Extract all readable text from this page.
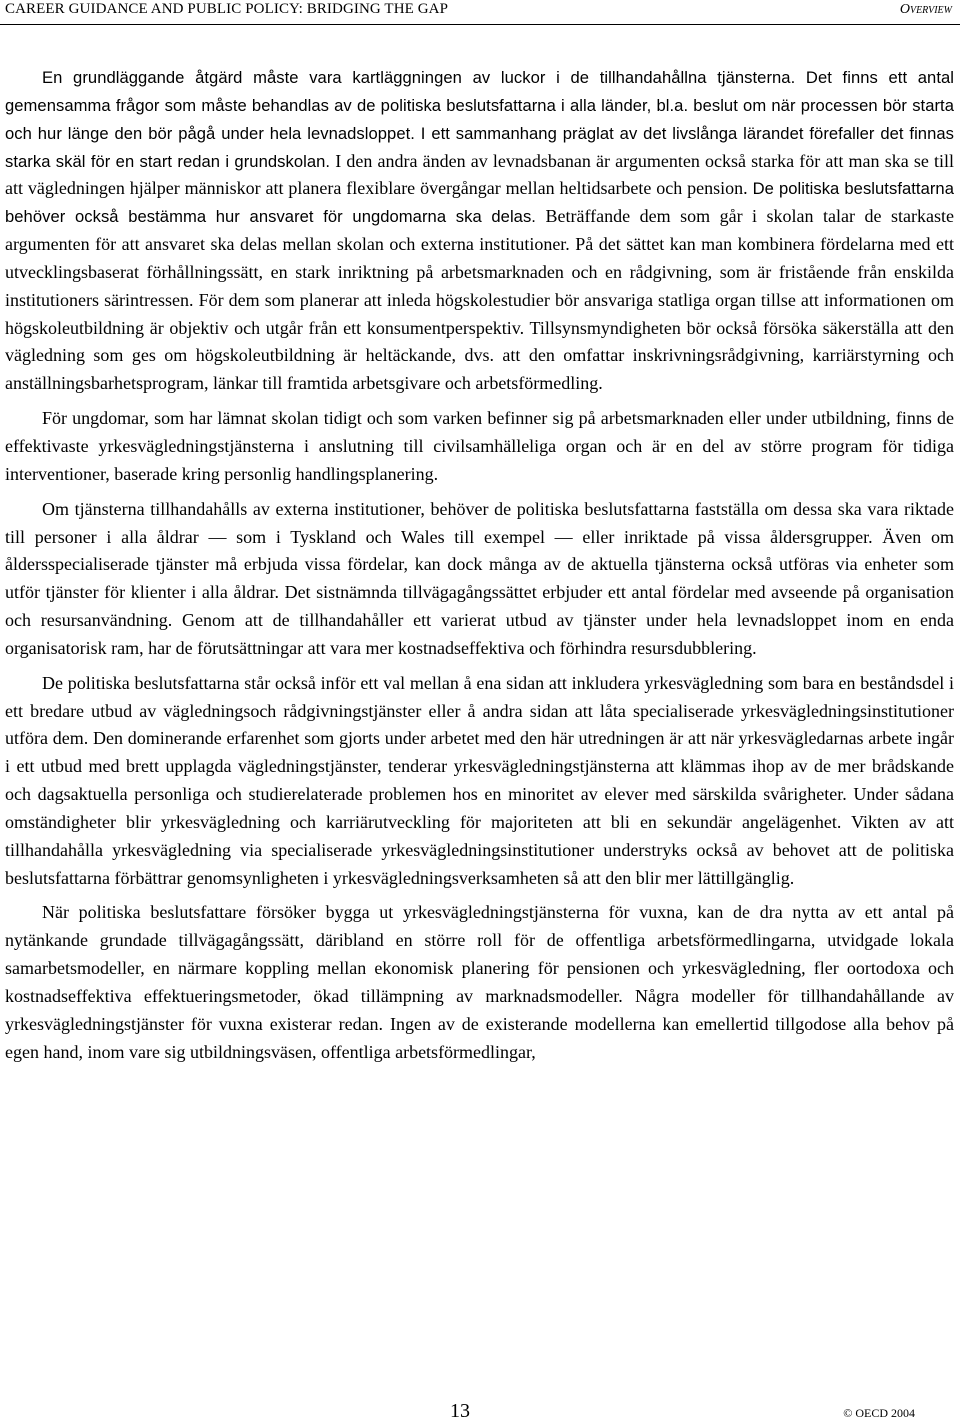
CAREER GUIDANCE AND PUBLIC POLICY: BRIDGING THE GAP	Overview

En grundläggande åtgärd måste vara kartläggningen av luckor i de tillhandahållna tjänsterna. Det finns ett antal gemensamma frågor som måste behandlas av de politiska beslutsfattarna i alla länder, bl.a. beslut om när processen bör starta och hur länge den bör pågå under hela levnadsloppet. I ett sammanhang präglat av det livslånga lärandet förefaller det finnas starka skäl för en start redan i grundskolan. I den andra änden av levnadsbanan är argumenten också starka för att man ska se till att vägledningen hjälper människor att planera flexiblare övergångar mellan heltidsarbete och pension. De politiska beslutsfattarna behöver också bestämma hur ansvaret för ungdomarna ska delas. Beträffande dem som går i skolan talar de starkaste argumenten för att ansvaret ska delas mellan skolan och externa institutioner. På det sättet kan man kombinera fördelarna med ett utvecklingsbaserat förhållningssätt, en stark inriktning på arbetsmarknaden och en rådgivning, som är fristående från enskilda institutioners särintressen. För dem som planerar att inleda högskolestudier bör ansvariga statliga organ tillse att informationen om högskoleutbildning är objektiv och utgår från ett konsumentperspektiv. Tillsynsmyndigheten bör också försöka säkerställa att den vägledning som ges om högskoleutbildning är heltäckande, dvs. att den omfattar inskrivningsrådgivning, karriärstyrning och anställningsbarhetsprogram, länkar till framtida arbetsgivare och arbetsförmedling.

För ungdomar, som har lämnat skolan tidigt och som varken befinner sig på arbetsmarknaden eller under utbildning, finns de effektivaste yrkesvägledningstjänsterna i anslutning till civilsamhälleliga organ och är en del av större program för tidiga interventioner, baserade kring personlig handlingsplanering.

Om tjänsterna tillhandahålls av externa institutioner, behöver de politiska beslutsfattarna fastställa om dessa ska vara riktade till personer i alla åldrar — som i Tyskland och Wales till exempel — eller inriktade på vissa åldersgrupper. Även om åldersspecialiserade tjänster må erbjuda vissa fördelar, kan dock många av de aktuella tjänsterna också utföras via enheter som utför tjänster för klienter i alla åldrar. Det sistnämnda tillvägagångssättet erbjuder ett antal fördelar med avseende på organisation och resursanvändning. Genom att de tillhandahåller ett varierat utbud av tjänster under hela levnadsloppet inom en enda organisatorisk ram, har de förutsättningar att vara mer kostnadseffektiva och förhindra resursdubblering.

De politiska beslutsfattarna står också inför ett val mellan å ena sidan att inkludera yrkesvägledning som bara en beståndsdel i ett bredare utbud av vägledningsoch rådgivningstjänster eller å andra sidan att låta specialiserade yrkesvägledningsinstitutioner utföra dem. Den dominerande erfarenhet som gjorts under arbetet med den här utredningen är att när yrkesvägledarnas arbete ingår i ett utbud med brett upplagda vägledningstjänster, tenderar yrkesvägledningstjänsterna att klämmas ihop av de mer brådskande och dagsaktuella personliga och studierelaterade problemen hos en minoritet av elever med särskilda svårigheter. Under sådana omständigheter blir yrkesvägledning och karriärutveckling för majoriteten att bli en sekundär angelägenhet. Vikten av att tillhandahålla yrkesvägledning via specialiserade yrkesvägledningsinstitutioner understryks också av behovet att de politiska beslutsfattarna förbättrar genomsynligheten i yrkesvägledningsverksamheten så att den blir mer lättillgänglig.

När politiska beslutsfattare försöker bygga ut yrkesvägledningstjänsterna för vuxna, kan de dra nytta av ett antal på nytänkande grundade tillvägagångssätt, däribland en större roll för de offentliga arbetsförmedlingarna, utvidgade lokala samarbetsmodeller, en närmare koppling mellan ekonomisk planering för pensionen och yrkesvägledning, fler oortodoxa och kostnadseffektiva effektueringsmetoder, ökad tillämpning av marknadsmodeller. Några modeller för tillhandahållande av yrkesvägledningstjänster för vuxna existerar redan. Ingen av de existerande modellerna kan emellertid tillgodose alla behov på egen hand, inom vare sig utbildningsväsen, offentliga arbetsförmedlingar,

13	© OECD 2004
